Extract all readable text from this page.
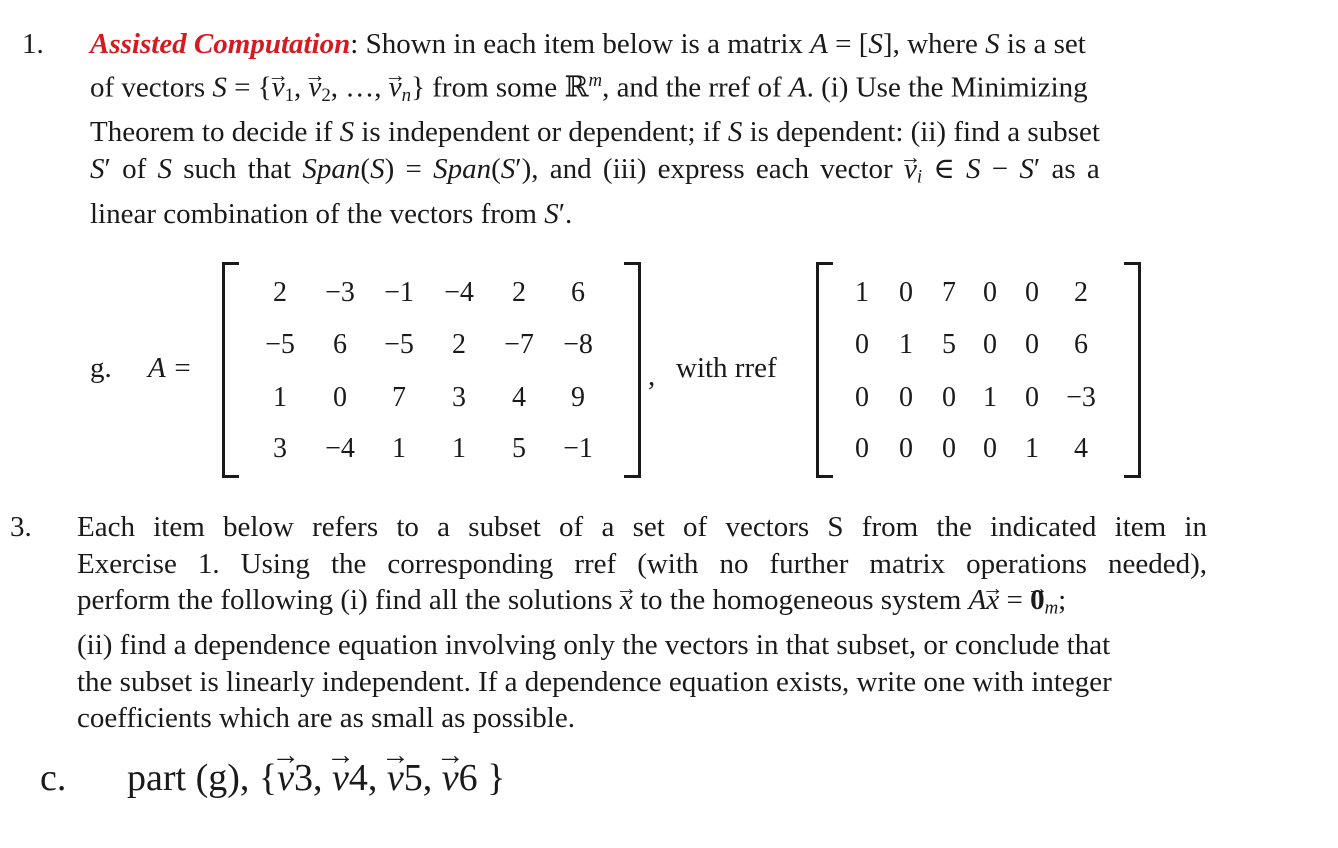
1. Assisted Computation: Shown in each item below is a matrix A = [S], where S is a set
of vectors S = {→ $v_1$, → $v_2$, …, → $v_n$} from some ℝ$^m$, and the rref of A. (i) Use the Minimizing
Theorem to decide if S is independent or dependent; if S is dependent: (ii) find a subset
S′ of S such that Span(S) = Span(S′), and (iii) express each vector → $v_i$ ∈ S − S′ as a
linear combination of the vectors from S′.
g. A =
2	−3	−1	−4	2	6
−5	6	−5	2	−7	−8
1	0	7	3	4	9
3	−4	1	1	5	−1
, with rref
1	0	7 0	0	2
0	1	5 0	0	6
0	0	0 1	0 −3
0	0	0 0	1	4
3. Each item below refers to a subset of a set of vectors S from the indicated item in
Exercise 1. Using the corresponding rref (with no further matrix operations needed),
perform the following (i) find all the solutions → x to the homogeneous system A→ x = → $0_m$;
(ii) find a dependence equation involving only the vectors in that subset, or conclude that
the subset is linearly independent. If a dependence equation exists, write one with integer
coefficients which are as small as possible.
c. part (g), {→ v3, → v4, → v5, → v6 }
